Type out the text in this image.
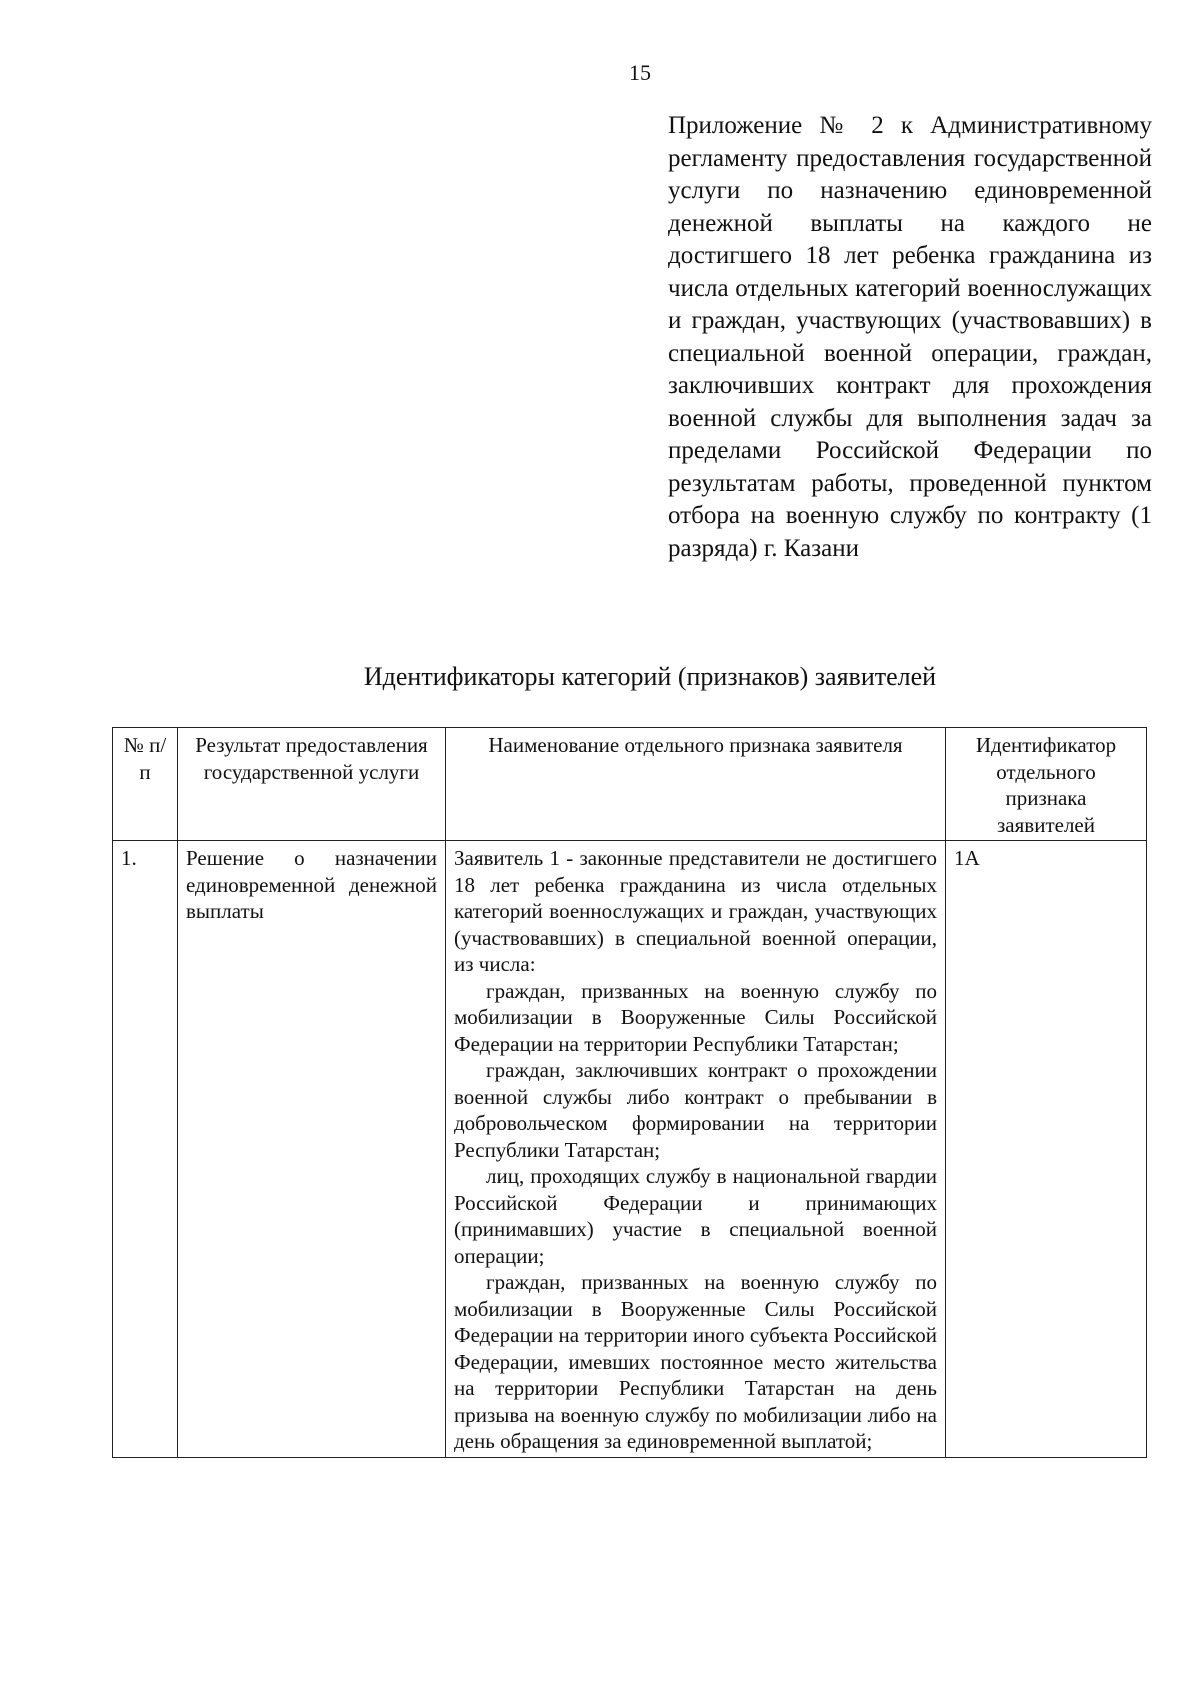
15
Приложение № 2 к Административному регламенту предоставления государственной услуги по назначению единовременной денежной выплаты на каждого не достигшего 18 лет ребенка гражданина из числа отдельных категорий военнослужащих и граждан, участвующих (участвовавших) в специальной военной операции, граждан, заключивших контракт для прохождения военной службы для выполнения задач за пределами Российской Федерации по результатам работы, проведенной пунктом отбора на военную службу по контракту (1 разряда) г. Казани
Идентификаторы категорий (признаков) заявителей
№ п/п	Результат предоставления государственной услуги	Наименование отдельного признака заявителя	Идентификатор отдельного признака заявителей
1.	Решение о назначении единовременной денежной выплаты	Заявитель 1 - законные представители не достигшего 18 лет ребенка гражданина из числа отдельных категорий военнослужащих и граждан, участвующих (участвовавших) в специальной военной операции, из числа:

граждан, призванных на военную службу по мобилизации в Вооруженные Силы Российской Федерации на территории Республики Татарстан;

граждан, заключивших контракт о прохождении военной службы либо контракт о пребывании в добровольческом формировании на территории Республики Татарстан;

лиц, проходящих службу в национальной гвардии Российской Федерации и принимающих (принимавших) участие в специальной военной операции;

граждан, призванных на военную службу по мобилизации в Вооруженные Силы Российской Федерации на территории иного субъекта Российской Федерации, имевших постоянное место жительства на территории Республики Татарстан на день призыва на военную службу по мобилизации либо на день обращения за единовременной выплатой;	1А
